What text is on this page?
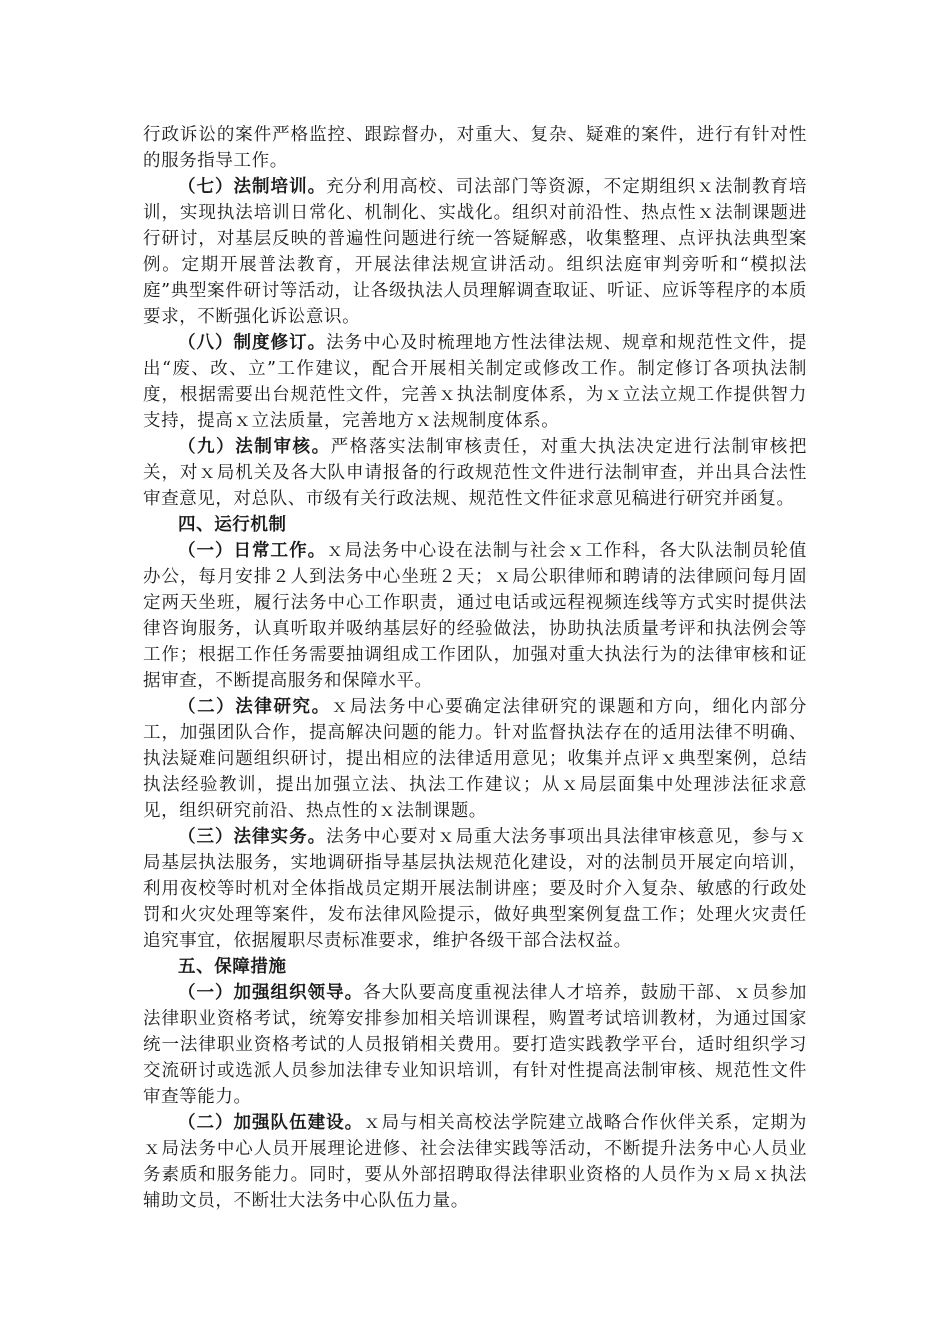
行政诉讼的案件严格监控、跟踪督办，对重大、复杂、疑难的案件，进行有针对性的服务指导工作。

（七）法制培训。充分利用高校、司法部门等资源，不定期组织ｘ法制教育培训，实现执法培训日常化、机制化、实战化。组织对前沿性、热点性ｘ法制课题进行研讨，对基层反映的普遍性问题进行统一答疑解惑，收集整理、点评执法典型案例。定期开展普法教育，开展法律法规宣讲活动。组织法庭审判旁听和“模拟法庭”典型案件研讨等活动，让各级执法人员理解调查取证、听证、应诉等程序的本质要求，不断强化诉讼意识。

（八）制度修订。法务中心及时梳理地方性法律法规、规章和规范性文件，提出“废、改、立”工作建议，配合开展相关制定或修改工作。制定修订各项执法制度，根据需要出台规范性文件，完善ｘ执法制度体系，为ｘ立法立规工作提供智力支持，提高ｘ立法质量，完善地方ｘ法规制度体系。

（九）法制审核。严格落实法制审核责任，对重大执法决定进行法制审核把关，对ｘ局机关及各大队申请报备的行政规范性文件进行法制审查，并出具合法性审查意见，对总队、市级有关行政法规、规范性文件征求意见稿进行研究并函复。

四、运行机制

（一）日常工作。ｘ局法务中心设在法制与社会ｘ工作科，各大队法制员轮值办公，每月安排２人到法务中心坐班２天；ｘ局公职律师和聘请的法律顾问每月固定两天坐班，履行法务中心工作职责，通过电话或远程视频连线等方式实时提供法律咨询服务，认真听取并吸纳基层好的经验做法，协助执法质量考评和执法例会等工作；根据工作任务需要抽调组成工作团队，加强对重大执法行为的法律审核和证据审查，不断提高服务和保障水平。

（二）法律研究。ｘ局法务中心要确定法律研究的课题和方向，细化内部分工，加强团队合作，提高解决问题的能力。针对监督执法存在的适用法律不明确、执法疑难问题组织研讨，提出相应的法律适用意见；收集并点评ｘ典型案例，总结执法经验教训，提出加强立法、执法工作建议；从ｘ局层面集中处理涉法征求意见，组织研究前沿、热点性的ｘ法制课题。

（三）法律实务。法务中心要对ｘ局重大法务事项出具法律审核意见，参与ｘ局基层执法服务，实地调研指导基层执法规范化建设，对的法制员开展定向培训，利用夜校等时机对全体指战员定期开展法制讲座；要及时介入复杂、敏感的行政处罚和火灾处理等案件，发布法律风险提示，做好典型案例复盘工作；处理火灾责任追究事宜，依据履职尽责标准要求，维护各级干部合法权益。

五、保障措施

（一）加强组织领导。各大队要高度重视法律人才培养，鼓励干部、ｘ员参加法律职业资格考试，统筹安排参加相关培训课程，购置考试培训教材，为通过国家统一法律职业资格考试的人员报销相关费用。要打造实践教学平台，适时组织学习交流研讨或选派人员参加法律专业知识培训，有针对性提高法制审核、规范性文件审查等能力。

（二）加强队伍建设。ｘ局与相关高校法学院建立战略合作伙伴关系，定期为ｘ局法务中心人员开展理论进修、社会法律实践等活动，不断提升法务中心人员业务素质和服务能力。同时，要从外部招聘取得法律职业资格的人员作为ｘ局ｘ执法辅助文员，不断壮大法务中心队伍力量。
